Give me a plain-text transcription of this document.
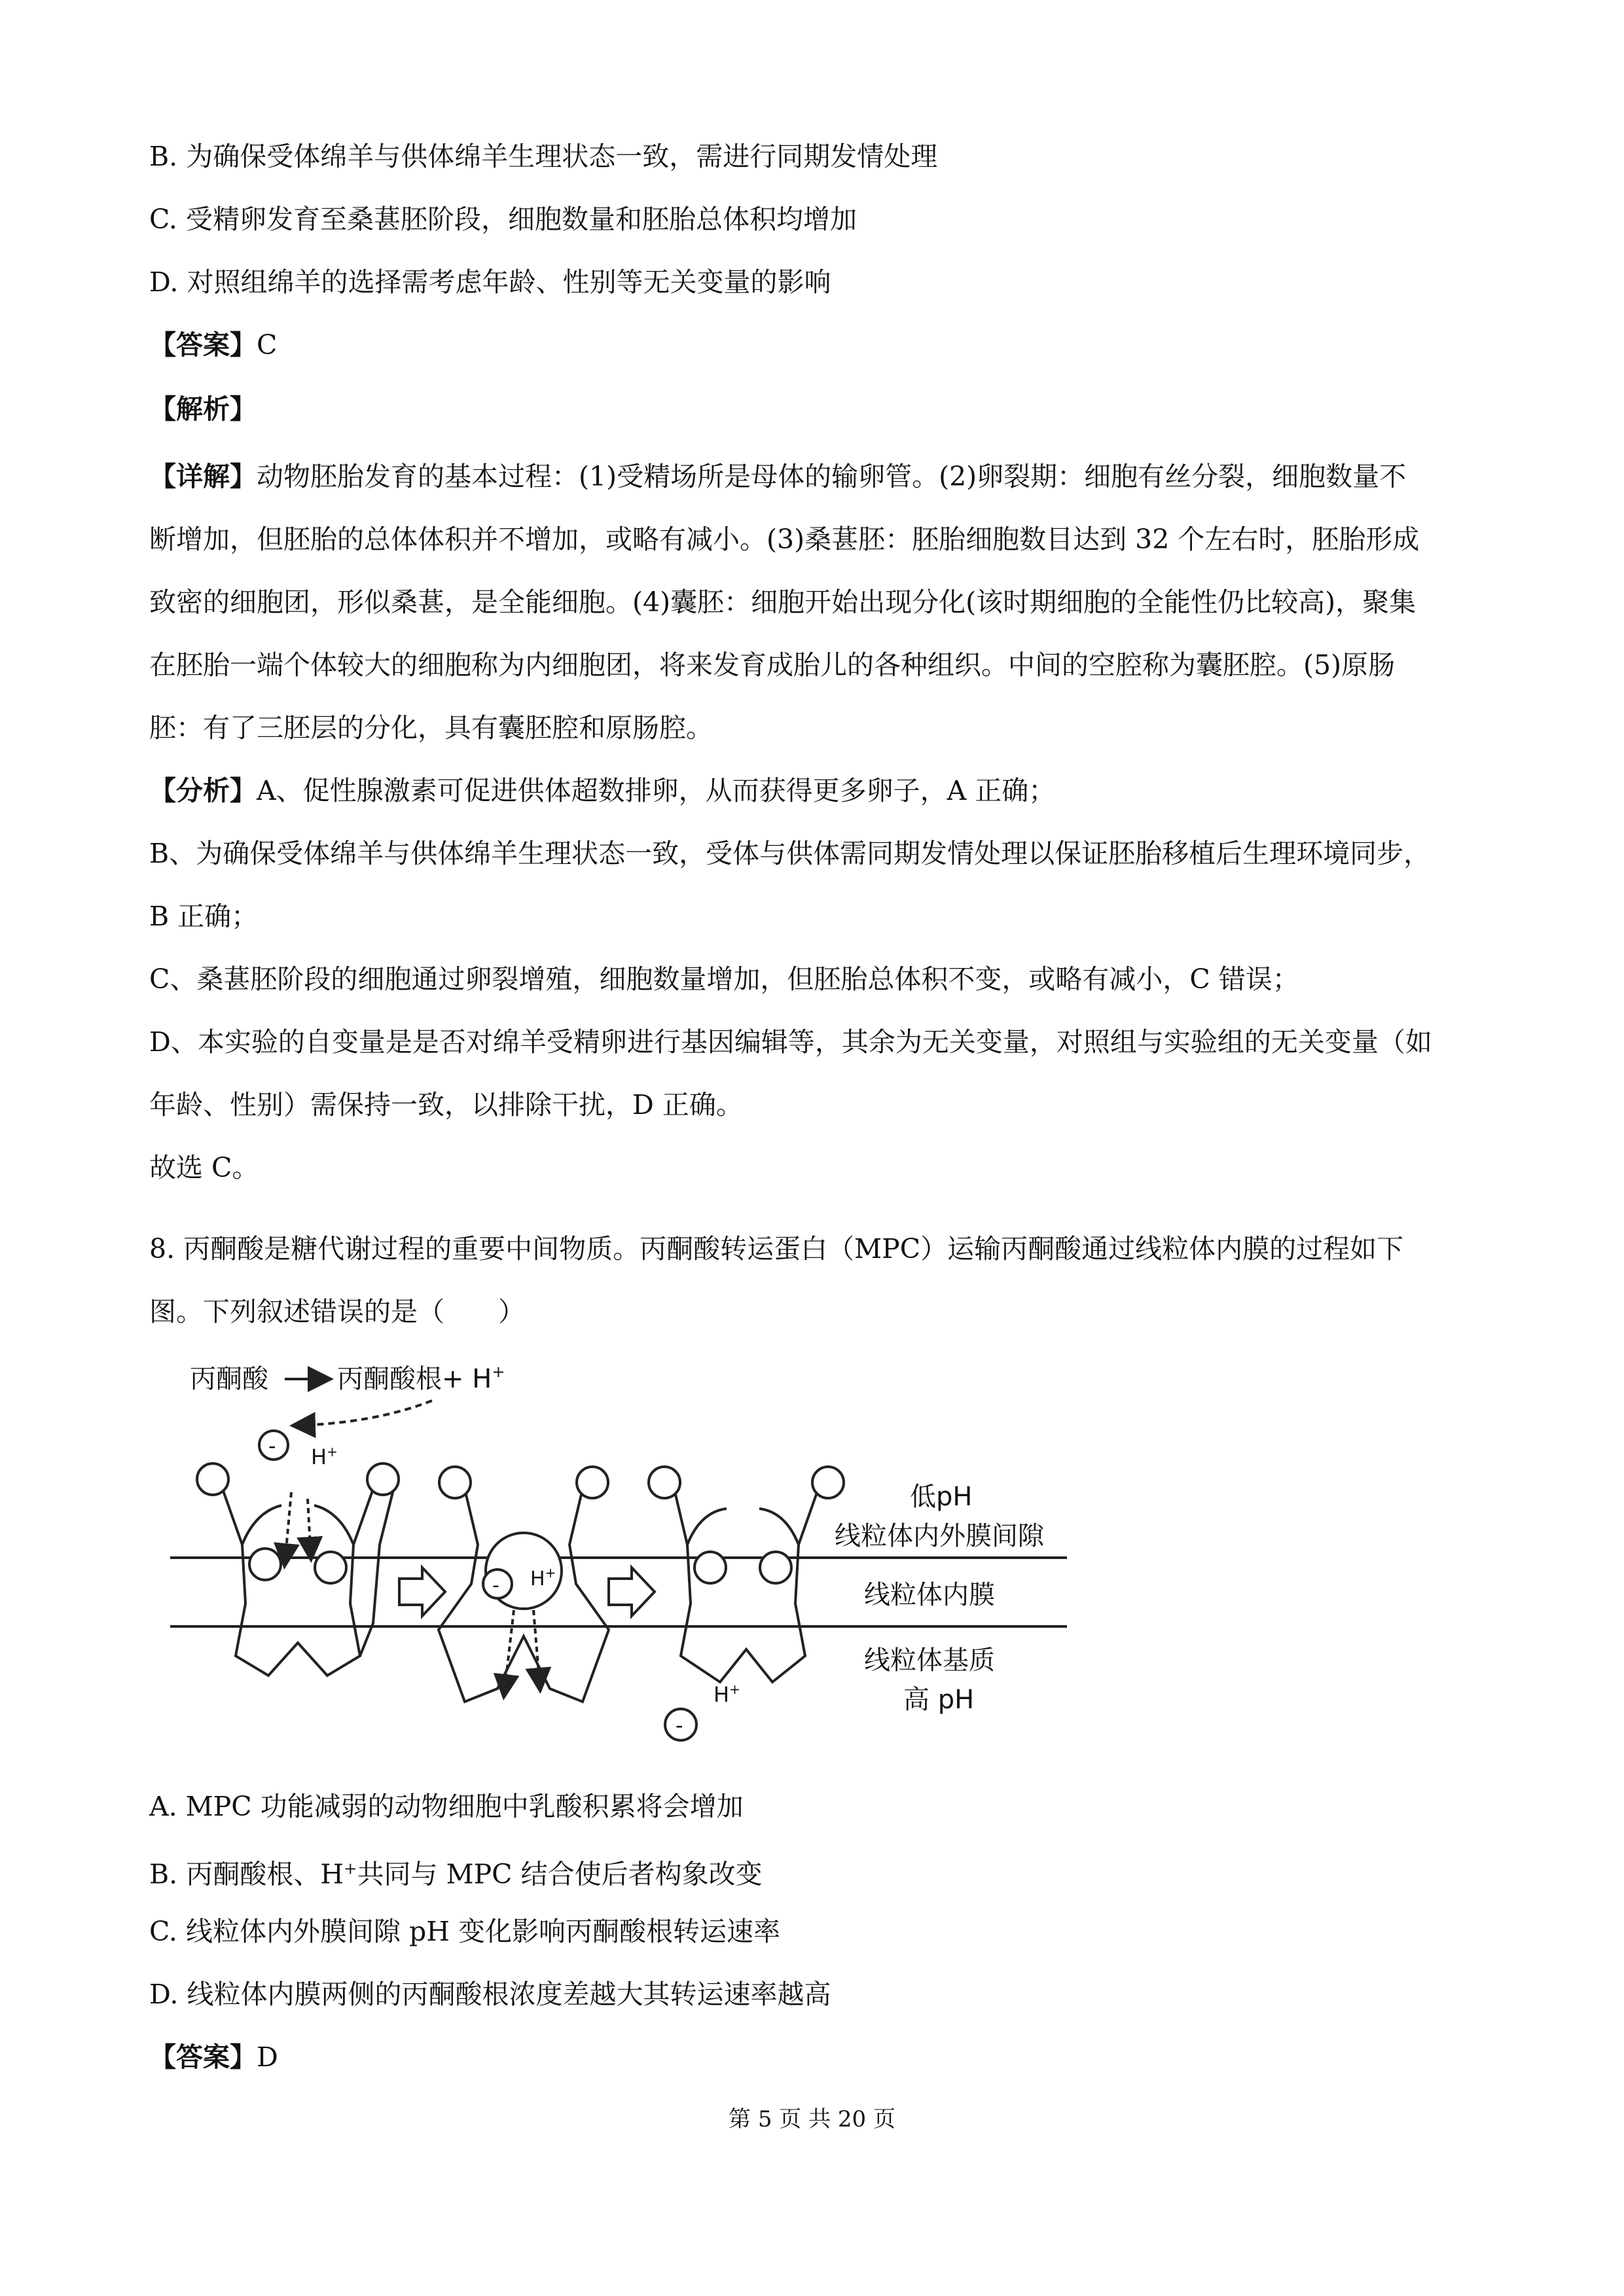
B. 为确保受体绵羊与供体绵羊生理状态一致，需进行同期发情处理
C. 受精卵发育至桑葚胚阶段，细胞数量和胚胎总体积均增加
D. 对照组绵羊的选择需考虑年龄、性别等无关变量的影响
【答案】C
【解析】
【详解】动物胚胎发育的基本过程：(1)受精场所是母体的输卵管。(2)卵裂期：细胞有丝分裂，细胞数量不
断增加，但胚胎的总体体积并不增加，或略有减小。(3)桑葚胚：胚胎细胞数目达到 32 个左右时，胚胎形成
致密的细胞团，形似桑葚，是全能细胞。(4)囊胚：细胞开始出现分化(该时期细胞的全能性仍比较高)，聚集
在胚胎一端个体较大的细胞称为内细胞团，将来发育成胎儿的各种组织。中间的空腔称为囊胚腔。(5)原肠
胚：有了三胚层的分化，具有囊胚腔和原肠腔。
【分析】A、促性腺激素可促进供体超数排卵，从而获得更多卵子，A 正确；
B、为确保受体绵羊与供体绵羊生理状态一致，受体与供体需同期发情处理以保证胚胎移植后生理环境同步，
B 正确；
C、桑葚胚阶段的细胞通过卵裂增殖，细胞数量增加，但胚胎总体积不变，或略有减小，C 错误；
D、本实验的自变量是是否对绵羊受精卵进行基因编辑等，其余为无关变量，对照组与实验组的无关变量（如
年龄、性别）需保持一致，以排除干扰，D 正确。
故选 C。
8. 丙酮酸是糖代谢过程的重要中间物质。丙酮酸转运蛋白（MPC）运输丙酮酸通过线粒体内膜的过程如下
图。下列叙述错误的是（　　）
丙酮酸	丙酮酸根+ H+
- H+
- H+
-
H+
低pH
线粒体内外膜间隙
线粒体内膜
线粒体基质
高 pH
A. MPC 功能减弱的动物细胞中乳酸积累将会增加
B. 丙酮酸根、H+共同与 MPC 结合使后者构象改变
C. 线粒体内外膜间隙 pH 变化影响丙酮酸根转运速率
D. 线粒体内膜两侧的丙酮酸根浓度差越大其转运速率越高
【答案】D
第 5 页 共 20 页
